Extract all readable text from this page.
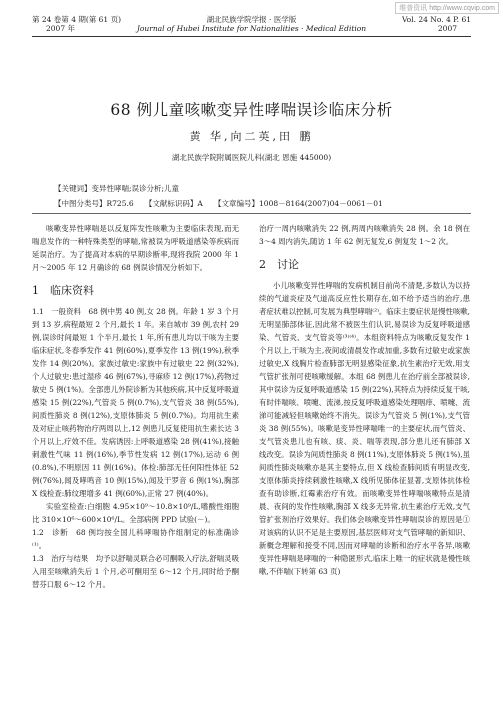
维普资讯 http://www.cqvip.com
第 24 卷第 4 期(第 61 页)
2007 年
湖北民族学院学报 · 医学版
Journal of Hubei Institute for Nationalities · Medical Edition
Vol. 24 No. 4 P. 61
2007
68 例儿童咳嗽变异性哮喘误诊临床分析
黄 华,向二英,田 鹏
湖北民族学院附属医院儿科(湖北 恩施 445000)
【关键词】变异性哮喘;误诊分析;儿童
【中图分类号】R725.6　　【文献标识码】A　　【文章编号】1008－8164(2007)04－0061－01

咳嗽变异性哮喘是以反复阵发性咳嗽为主要临床表现,而无喘息发作的一种特殊类型的哮喘,常被误为呼吸道感染等疾病而延误治疗。为了提高对本病的早期诊断率,现将我院 2000 年 1 月～2005 年 12 月确诊的 68 例误诊情况分析如下。

1　临床资料

1.1　一般资料　68 例中男 40 例,女 28 例。年龄 1 岁 3 个月到 13 岁,病程最短 2 个月,最长 1 年。来自城市 39 例,农村 29 例,误诊时间最短 1 个半月,最长 1 年,所有患儿均以干咳为主要临床症状,冬春季发作 41 例(60%),夏季发作 13 例(19%),秋季发作 14 例(20%)。家族过敏史:家族中有过敏史 22 例(32%),个人过敏史:患过湿疹 46 例(67%),寻麻疹 12 例(17%),药物过敏史 5 例(1%)。全部患儿外院诊断为其他疾病,其中反复呼吸道感染 15 例(22%),气管炎 5 例(0.7%),支气管炎 38 例(55%),间质性肺炎 8 例(12%),支原体肺炎 5 例(0.7%)。均用抗生素及对症止咳药物治疗两周以上,12 例患儿反复使用抗生素长达 3 个月以上,疗效不佳。发病诱因:上呼吸道感染 28 例(41%),接触刺激性气味 11 例(16%),季节性发病 12 例(17%),运动 6 例(0.8%),不明原因 11 例(16%)。体检:肺部无任何阳性体征 52 例(76%),闻及哮鸣音 10 例(15%),闻及干罗音 6 例(1%),胸部 X 线检查:肺纹理增多 41 例(60%),正常 27 例(40%)。

实验室检查:白细胞 4.95×10⁹～10.8×10⁹/L,嗜酸性细胞比 310×10⁶～600×10⁶/L。全部病例 PPD 试验(－)。

1.2　诊断　68 例均按全国儿科哮喘协作组制定的标准确诊⁽¹⁾。

1.3　治疗与结果　均予以舒喘灵联合必可酮吸入疗法,舒喘灵吸入用至咳嗽消失后 1 个月,必可酮用至 6～12 个月,同时给予酮替芬口服 6～12 个月。

治疗一周内咳嗽消失 22 例,两周内咳嗽消失 28 例。余 18 例在 3～4 周内消失,随访 1 年 62 例无复发,6 例复发 1～2 次。

2　讨论

小儿咳嗽变异性哮喘的发病机制目前尚不清楚,多数认为以持续的气道炎症及气道高反应性长期存在,如不给予适当的治疗,患者症状难以控制,可发展为典型哮喘⁽²⁾。临床主要症状是慢性咳嗽,无明显肺部体征,因此常不被医生们认识,易误诊为反复呼吸道感染、气管炎、支气管炎等⁽³⁾⁽⁴⁾。本组资料特点为咳嗽反复发作 1 个月以上,干咳为主,夜间或清晨发作或加重,多数有过敏史或家族过敏史,X 线胸片检查肺部无明显感染征象,抗生素治疗无效,用支气管扩张剂可使咳嗽缓解。本组 68 例患儿在治疗前全部被误诊,其中误诊为反复呼吸道感染 15 例(22%),其特点为持续反复干咳,有时伴喘咳、喷嚏、流涕,按反复呼吸道感染处理咽痒、喷嚏、流涕可能减轻但咳嗽始终不消失。误诊为气管炎 5 例(1%),支气管炎 38 例(55%)。咳嗽是变异性哮喘唯一的主要症状,而气管炎、支气管炎患儿也有咳、痰、炎、喘等表现,部分患儿还有肺部 X 线改变。误诊为间质性肺炎 8 例(11%),支原体肺炎 5 例(1%),虽间质性肺炎咳嗽亦是其主要特点,但 X 线检查肺间质有明显改变,支原体肺炎持续刺激性咳嗽,X 线所见肺体征显著,支原体抗体检查有助诊断,红霉素治疗有效。而咳嗽变异性哮喘咳嗽特点是清晨、夜间的发作性咳嗽,胸部 X 线多无异常,抗生素治疗无效,支气管扩张剂治疗效果好。我们体会咳嗽变异性哮喘误诊的原因是①对该病的认识不足是主要原因,基层医师对支气管哮喘的新知识、新概念理解和接受不同,因而对哮喘的诊断和治疗水平各异,咳嗽变异性哮喘是哮喘的一种隐匿形式,临床上唯一的症状就是慢性咳嗽,不伴喘(下转第 63 页)
